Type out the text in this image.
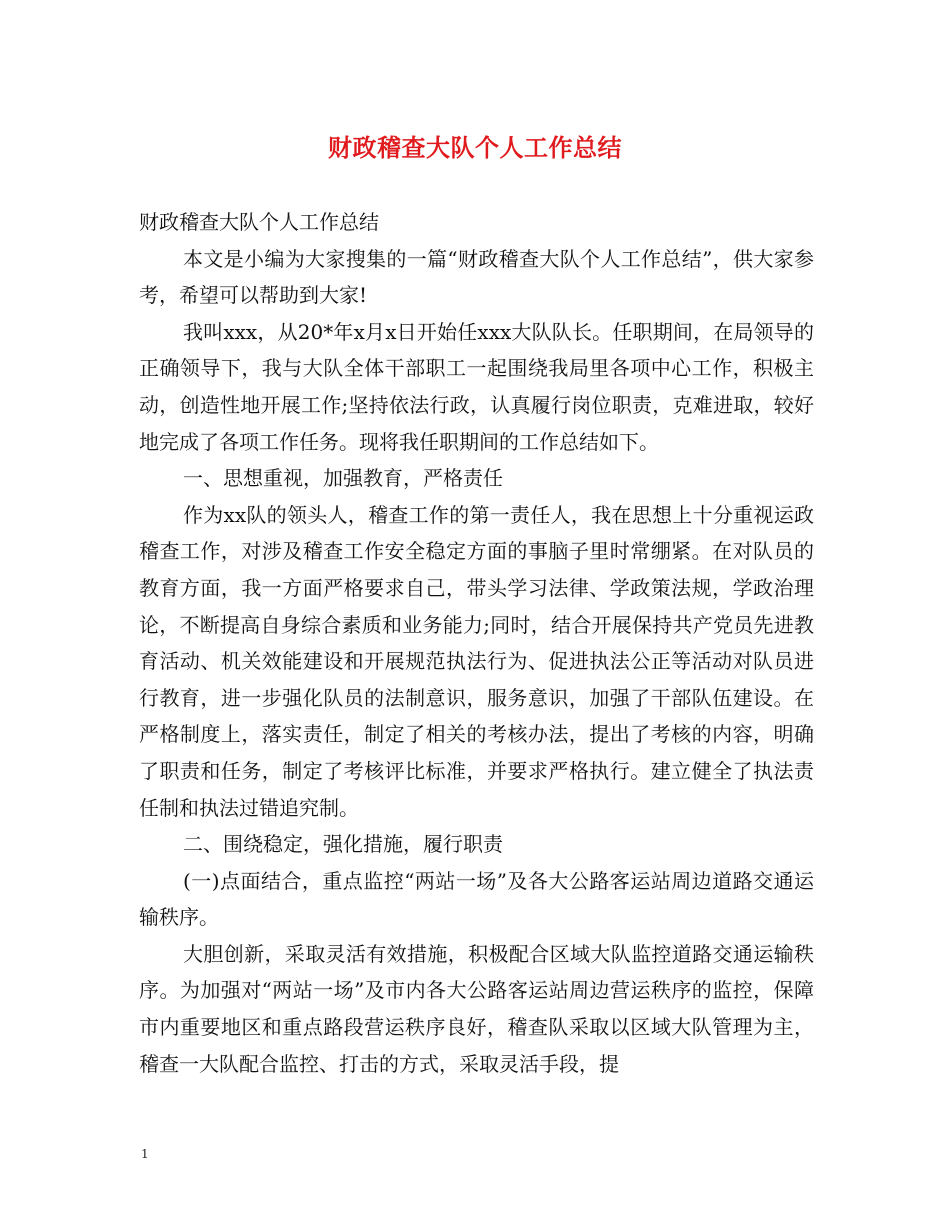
财政稽查大队个人工作总结

财政稽查大队个人工作总结

本文是小编为大家搜集的一篇“财政稽查大队个人工作总结”，供大家参考，希望可以帮助到大家!

我叫xxx，从20*年x月x日开始任xxx大队队长。任职期间，在局领导的正确领导下，我与大队全体干部职工一起围绕我局里各项中心工作，积极主动，创造性地开展工作;坚持依法行政，认真履行岗位职责，克难进取，较好地完成了各项工作任务。现将我任职期间的工作总结如下。

一、思想重视，加强教育，严格责任

作为xx队的领头人，稽查工作的第一责任人，我在思想上十分重视运政稽查工作，对涉及稽查工作安全稳定方面的事脑子里时常绷紧。在对队员的教育方面，我一方面严格要求自己，带头学习法律、学政策法规，学政治理论，不断提高自身综合素质和业务能力;同时，结合开展保持共产党员先进教育活动、机关效能建设和开展规范执法行为、促进执法公正等活动对队员进行教育，进一步强化队员的法制意识，服务意识，加强了干部队伍建设。在严格制度上，落实责任，制定了相关的考核办法，提出了考核的内容，明确了职责和任务，制定了考核评比标准，并要求严格执行。建立健全了执法责任制和执法过错追究制。

二、围绕稳定，强化措施，履行职责

(一)点面结合，重点监控“两站一场”及各大公路客运站周边道路交通运输秩序。

大胆创新，采取灵活有效措施，积极配合区域大队监控道路交通运输秩序。为加强对“两站一场”及市内各大公路客运站周边营运秩序的监控，保障市内重要地区和重点路段营运秩序良好，稽查队采取以区域大队管理为主，稽查一大队配合监控、打击的方式，采取灵活手段，提

1
